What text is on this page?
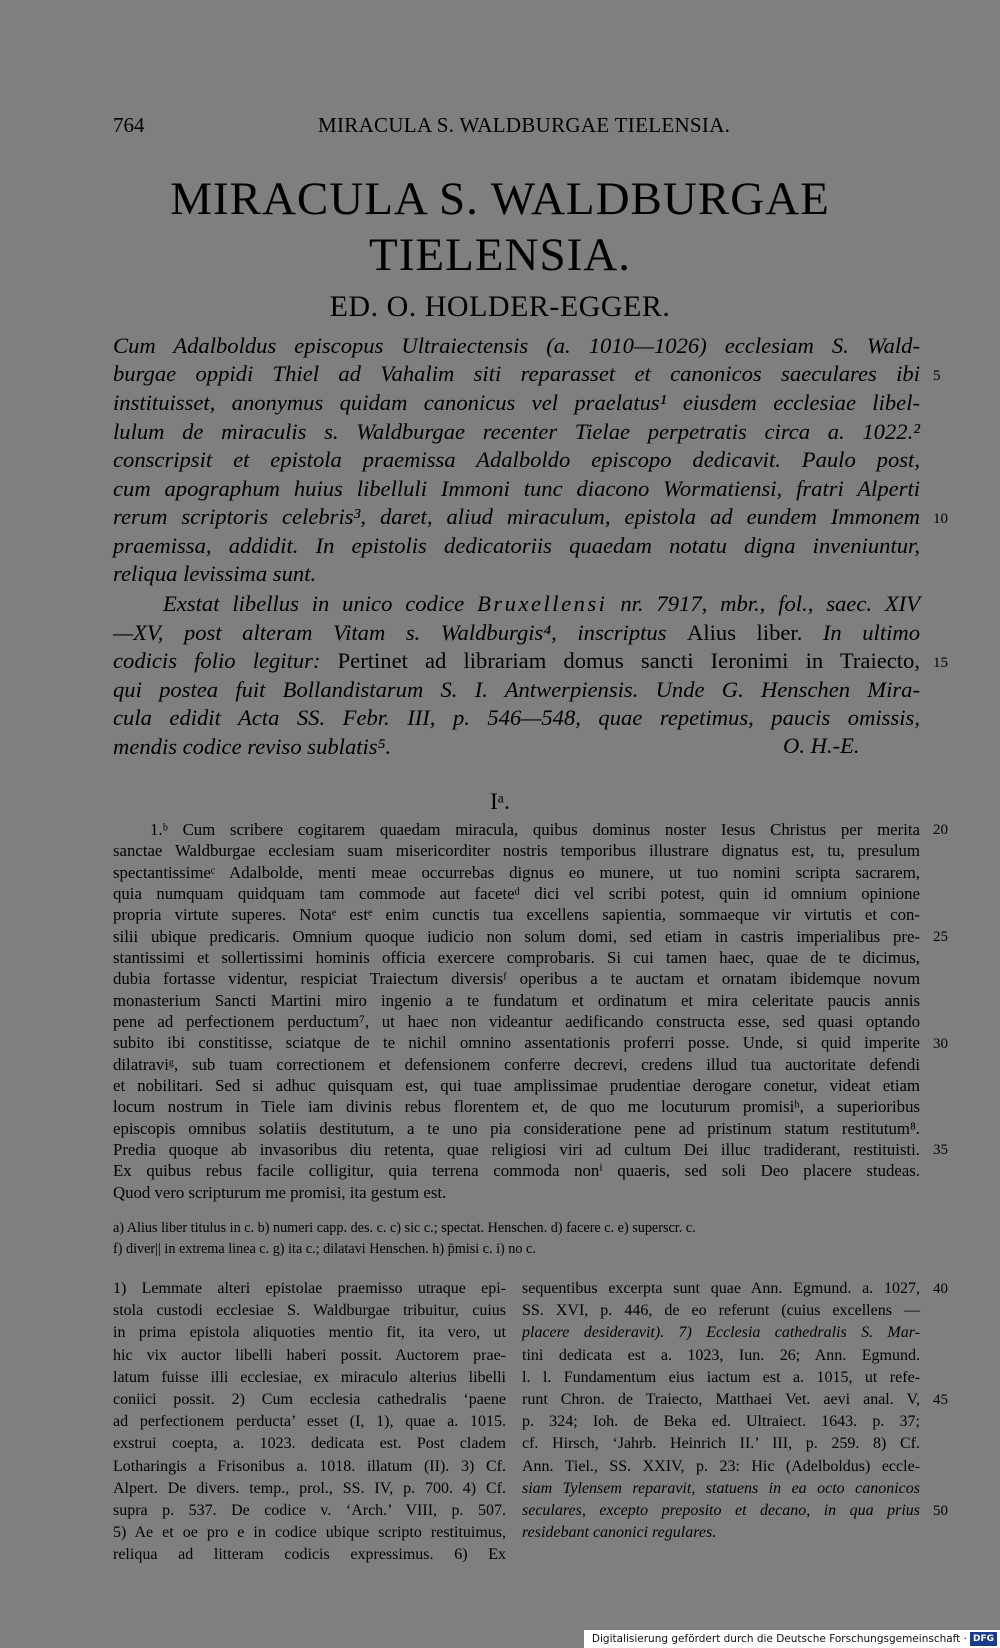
764	MIRACULA S. WALDBURGAE TIELENSIA.
MIRACULA S. WALDBURGAE
TIELENSIA.
ED. O. HOLDER-EGGER.
Cum Adalboldus episcopus Ultraiectensis (a. 1010—1026) ecclesiam S. Wald-
burgae oppidi Thiel ad Vahalim siti reparasset et canonicos saeculares ibi
instituisset, anonymus quidam canonicus vel praelatus¹ eiusdem ecclesiae libel-
lulum de miraculis s. Waldburgae recenter Tielae perpetratis circa a. 1022.²
conscripsit et epistola praemissa Adalboldo episcopo dedicavit. Paulo post,
cum apographum huius libelluli Immoni tunc diacono Wormatiensi, fratri Alperti
rerum scriptoris celebris³, daret, aliud miraculum, epistola ad eundem Immonem
praemissa, addidit. In epistolis dedicatoriis quaedam notatu digna inveniuntur,
reliqua levissima sunt.
Exstat libellus in unico codice Bruxellensi nr. 7917, mbr., fol., saec. XIV
—XV, post alteram Vitam s. Waldburgis⁴, inscriptus Alius liber. In ultimo
codicis folio legitur: Pertinet ad librariam domus sancti Ieronimi in Traiecto,
qui postea fuit Bollandistarum S. I. Antwerpiensis. Unde G. Henschen Mira-
cula edidit Acta SS. Febr. III, p. 546—548, quae repetimus, paucis omissis,
mendis codice reviso sublatis⁵.	O. H.-E.
Iᵃ.
1.ᵇ Cum scribere cogitarem quaedam miracula, quibus dominus noster Iesus Christus per merita
sanctae Waldburgae ecclesiam suam misericorditer nostris temporibus illustrare dignatus est, tu, presulum
spectantissimeᶜ Adalbolde, menti meae occurrebas dignus eo munere, ut tuo nomini scripta sacrarem,
quia numquam quidquam tam commode aut faceteᵈ dici vel scribi potest, quin id omnium opinione
propria virtute superes. Notaᵉ estᵉ enim cunctis tua excellens sapientia, sommaeque vir virtutis et con-
silii ubique predicaris. Omnium quoque iudicio non solum domi, sed etiam in castris imperialibus pre-
stantissimi et sollertissimi hominis officia exercere comprobaris. Si cui tamen haec, quae de te dicimus,
dubia fortasse videntur, respiciat Traiectum diversisᶠ operibus a te auctam et ornatam ibidemque novum
monasterium Sancti Martini miro ingenio a te fundatum et ordinatum et mira celeritate paucis annis
pene ad perfectionem perductum⁷, ut haec non videantur aedificando constructa esse, sed quasi optando
subito ibi constitisse, sciatque de te nichil omnino assentationis proferri posse. Unde, si quid imperite
dilatraviᵍ, sub tuam correctionem et defensionem conferre decrevi, credens illud tua auctoritate defendi
et nobilitari. Sed si adhuc quisquam est, qui tuae amplissimae prudentiae derogare conetur, videat etiam
locum nostrum in Tiele iam divinis rebus florentem et, de quo me locuturum promisiʰ, a superioribus
episcopis omnibus solatiis destitutum, a te uno pia consideratione pene ad pristinum statum restitutum⁸.
Predia quoque ab invasoribus diu retenta, quae religiosi viri ad cultum Dei illuc tradiderant, restituisti.
Ex quibus rebus facile colligitur, quia terrena commoda nonⁱ quaeris, sed soli Deo placere studeas.
Quod vero scripturum me promisi, ita gestum est.
a) Alius liber titulus in c. b) numeri capp. des. c. c) sic c.; spectat. Henschen. d) facere c. e) superscr. c.
f) diver|| in extrema linea c. g) ita c.; dilatavi Henschen. h) p̄misi c. i) no c.
1) Lemmate alteri epistolae praemisso utraque epi-
stola custodi ecclesiae S. Waldburgae tribuitur, cuius
in prima epistola aliquoties mentio fit, ita vero, ut
hic vix auctor libelli haberi possit. Auctorem prae-
latum fuisse illi ecclesiae, ex miraculo alterius libelli
coniici possit. 2) Cum ecclesia cathedralis ‘paene
ad perfectionem perducta’ esset (I, 1), quae a. 1015.
exstrui coepta, a. 1023. dedicata est. Post cladem
Lotharingis a Frisonibus a. 1018. illatum (II). 3) Cf.
Alpert. De divers. temp., prol., SS. IV, p. 700. 4) Cf.
supra p. 537. De codice v. ‘Arch.’ VIII, p. 507.
5) Ae et oe pro e in codice ubique scripto restituimus,
reliqua ad litteram codicis expressimus. 6) Ex
sequentibus excerpta sunt quae Ann. Egmund. a. 1027,
SS. XVI, p. 446, de eo referunt (cuius excellens —
placere desideravit). 7) Ecclesia cathedralis S. Mar-
tini dedicata est a. 1023, Iun. 26; Ann. Egmund.
l. l. Fundamentum eius iactum est a. 1015, ut refe-
runt Chron. de Traiecto, Matthaei Vet. aevi anal. V,
p. 324; Ioh. de Beka ed. Ultraiect. 1643. p. 37;
cf. Hirsch, ‘Jahrb. Heinrich II.’ III, p. 259. 8) Cf.
Ann. Tiel., SS. XXIV, p. 23: Hic (Adelboldus) eccle-
siam Tylensem reparavit, statuens in ea octo canonicos
seculares, excepto preposito et decano, in qua prius
residebant canonici regulares.
5
10
15
20
25
30
35
40
45
50
Digitalisierung gefördert durch die Deutsche Forschungsgemeinschaft · DFG
